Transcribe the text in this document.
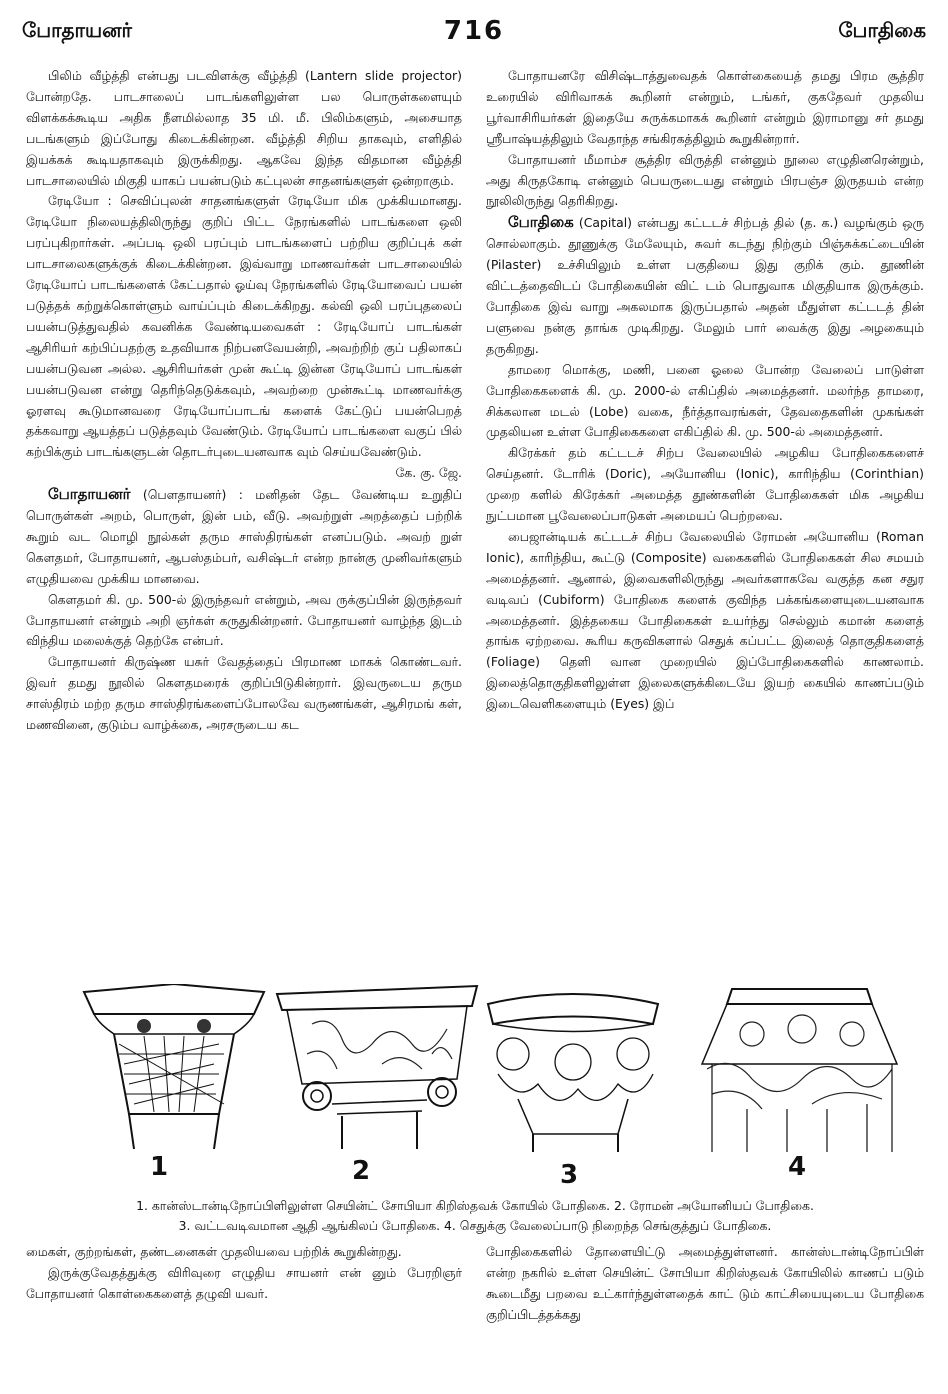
போதாயனர்	716	போதிகை

பிலிம் வீழ்த்தி என்பது படவிளக்கு வீழ்த்தி (Lantern slide projector) போன்றதே. பாடசாலைப் பாடங்களிலுள்ள பல பொருள்களையும் விளக்கக்கூடிய அதிக நீளமில்லாத 35 மி. மீ. பிலிம்களும், அசையாத படங்களும் இப்போது கிடைக்கின்றன. வீழ்த்தி சிறிய தாகவும், எளிதில் இயக்கக் கூடியதாகவும் இருக்கிறது. ஆகவே இந்த விதமான வீழ்த்தி பாடசாலையில் மிகுதி யாகப் பயன்படும் கட்புலன் சாதனங்களுள் ஒன்றாகும்.

ரேடியோ : செவிப்புலன் சாதனங்களுள் ரேடியோ மிக முக்கியமானது. ரேடியோ நிலையத்திலிருந்து குறிப் பிட்ட நேரங்களில் பாடங்களை ஒலி பரப்புகிறார்கள். அப்படி ஒலி பரப்பும் பாடங்களைப் பற்றிய குறிப்புக் கள் பாடசாலைகளுக்குக் கிடைக்கின்றன. இவ்வாறு மாணவர்கள் பாடசாலையில் ரேடியோப் பாடங்களைக் கேட்பதால் ஓய்வு நேரங்களில் ரேடியோவைப் பயன் படுத்தக் கற்றுக்கொள்ளும் வாய்ப்பும் கிடைக்கிறது. கல்வி ஒலி பரப்புதலைப் பயன்படுத்துவதில் கவனிக்க வேண்டியவைகள் : ரேடியோப் பாடங்கள் ஆசிரியர் கற்பிப்பதற்கு உதவியாக நிற்பனவேயன்றி, அவற்றிற் குப் பதிலாகப் பயன்படுவன அல்ல. ஆசிரியர்கள் முன் கூட்டி இன்ன ரேடியோப் பாடங்கள் பயன்படுவன என்று தெரிந்தெடுக்கவும், அவற்றை முன்கூட்டி மாணவர்க்கு ஓரளவு கூடுமானவரை ரேடியோப்பாடங் களைக் கேட்டுப் பயன்பெறத் தக்கவாறு ஆயத்தப் படுத்தவும் வேண்டும். ரேடியோப் பாடங்களை வகுப் பில் கற்பிக்கும் பாடங்களுடன் தொடர்புடையனவாக வும் செய்யவேண்டும்.

கே. கு. ஜே.

போதாயனர் (பௌதாயனர்) : மனிதன் தேட வேண்டிய உறுதிப் பொருள்கள் அறம், பொருள், இன் பம், வீடு. அவற்றுள் அறத்தைப் பற்றிக் கூறும் வட மொழி நூல்கள் தரும சாஸ்திரங்கள் எனப்படும். அவற் றுள் கௌதமர், போதாயனர், ஆபஸ்தம்பர், வசிஷ்டர் என்ற நான்கு முனிவர்களும் எழுதியவை முக்கிய மானவை.

கௌதமர் கி. மு. 500-ல் இருந்தவர் என்றும், அவ ருக்குப்பின் இருந்தவர் போதாயனர் என்றும் அறி ஞர்கள் கருதுகின்றனர். போதாயனர் வாழ்ந்த இடம் விந்திய மலைக்குத் தெற்கே என்பர்.

போதாயனர் கிருஷ்ண யசுர் வேதத்தைப் பிரமாண மாகக் கொண்டவர். இவர் தமது நூலில் கௌதமரைக் குறிப்பிடுகின்றார். இவருடைய தரும சாஸ்திரம் மற்ற தரும சாஸ்திரங்களைப்போலவே வருணங்கள், ஆசிரமங் கள், மணவினை, குடும்ப வாழ்க்கை, அரசருடைய கட

போதாயனரே விசிஷ்டாத்துவைதக் கொள்கையைத் தமது பிரம சூத்திர உரையில் விரிவாகக் கூறினர் என்றும், டங்கர், குகதேவர் முதலிய பூர்வாசிரியர்கள் இதையே சுருக்கமாகக் கூறினர் என்றும் இராமானு சர் தமது ஸ்ரீபாஷ்யத்திலும் வேதாந்த சங்கிரகத்திலும் கூறுகின்றார்.

போதாயனர் மீமாம்ச சூத்திர விருத்தி என்னும் நூலை எழுதினரென்றும், அது கிருதகோடி என்னும் பெயருடையது என்றும் பிரபஞ்ச இருதயம் என்ற நூலிலிருந்து தெரிகிறது.

போதிகை (Capital) என்பது கட்டடச் சிற்பத் தில் (த. க.) வழங்கும் ஒரு சொல்லாகும். தூணுக்கு மேலேயும், சுவர் கடந்து நிற்கும் பிஞ்சுக்கட்டையின் (Pilaster) உச்சியிலும் உள்ள பகுதியை இது குறிக் கும். தூணின் விட்டத்தைவிடப் போதிகையின் விட் டம் பொதுவாக மிகுதியாக இருக்கும். போதிகை இவ் வாறு அகலமாக இருப்பதால் அதன் மீதுள்ள கட்டடத் தின் பளுவை நன்கு தாங்க முடிகிறது. மேலும் பார் வைக்கு இது அழகையும் தருகிறது.

தாமரை மொக்கு, மணி, பனை ஓலை போன்ற வேலைப் பாடுள்ள போதிகைகளைக் கி. மு. 2000-ல் எகிப்தில் அமைத்தனர். மலர்ந்த தாமரை, சிக்கலான மடல் (Lobe) வகை, நீர்த்தாவரங்கள், தேவதைகளின் முகங்கள் முதலியன உள்ள போதிகைகளை எகிப்தில் கி. மு. 500-ல் அமைத்தனர்.

கிரேக்கர் தம் கட்டடச் சிற்ப வேலையில் அழகிய போதிகைகளைச் செய்தனர். டோரிக் (Doric), அயோனிய (Ionic), காரிந்திய (Corinthian) முறை களில் கிரேக்கர் அமைத்த தூண்களின் போதிகைகள் மிக அழகிய நுட்பமான பூவேலைப்பாடுகள் அமையப் பெற்றவை.

பைஜான்டியக் கட்டடச் சிற்ப வேலையில் ரோமன் அயோனிய (Roman Ionic), காரிந்திய, கூட்டு (Composite) வகைகளில் போதிகைகள் சில சமயம் அமைத்தனர். ஆனால், இவைகளிலிருந்து அவர்களாகவே வகுத்த கன சதுர வடிவப் (Cubiform) போதிகை களைக் குவிந்த பக்கங்களையுடையனவாக அமைத்தனர். இத்தகைய போதிகைகள் உயர்ந்து செல்லும் கமான் களைத் தாங்க ஏற்றவை. கூரிய கருவிகளால் செதுக் கப்பட்ட இலைத் தொகுதிகளைத் (Foliage) தெளி வான முறையில் இப்போதிகைகளில் காணலாம். இலைத்தொகுதிகளிலுள்ள இலைகளுக்கிடையே இயற் கையில் காணப்படும் இடைவெளிகளையும் (Eyes) இப்

1	2	3	4
1. கான்ஸ்டான்டிநோப்பிளிலுள்ள செயின்ட் சோபியா கிறிஸ்தவக் கோயில் போதிகை. 2. ரோமன் அயோனியப் போதிகை.
3. வட்டவடிவமான ஆதி ஆங்கிலப் போதிகை. 4. செதுக்கு வேலைப்பாடு நிறைந்த செங்குத்துப் போதிகை.

மைகள், குற்றங்கள், தண்டனைகள் முதலியவை பற்றிக் கூறுகின்றது.

இருக்குவேதத்துக்கு விரிவுரை எழுதிய சாயனர் என் னும் பேரறிஞர் போதாயனர் கொள்கைகளைத் தழுவி யவர்.

போதிகைகளில் தோளையிட்டு அமைத்துள்ளனர். கான்ஸ்டான்டிநோப்பிள் என்ற நகரில் உள்ள செயின்ட் சோபியா கிறிஸ்தவக் கோயிலில் காணப் படும் கூடைமீது பறவை உட்கார்ந்துள்ளதைக் காட் டும் காட்சியையுடைய போதிகை குறிப்பிடத்தக்கது
